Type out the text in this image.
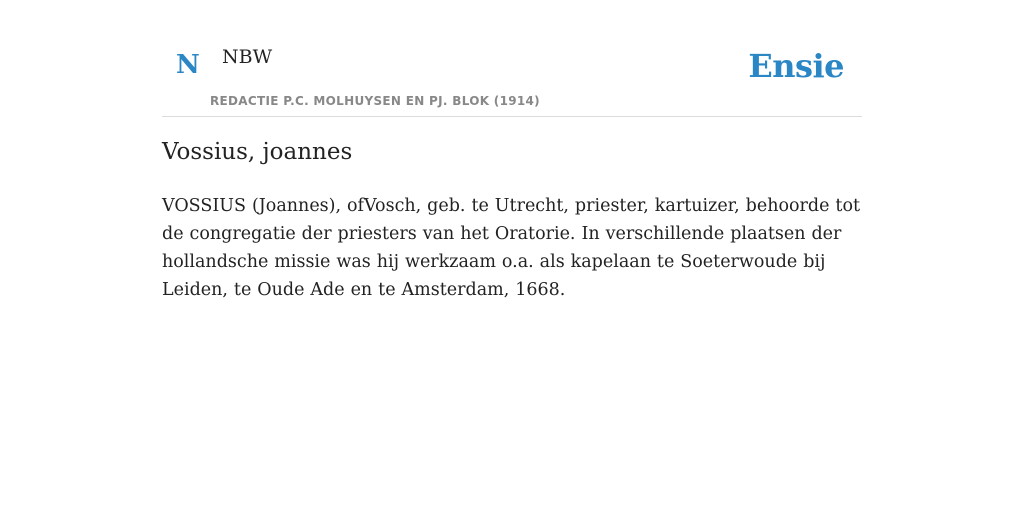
N NBW
REDACTIE P.C. MOLHUYSEN EN PJ. BLOK (1914)
Ensie
Vossius, joannes

VOSSIUS (Joannes), ofVosch, geb. te Utrecht, priester, kartuizer, behoorde tot de congregatie der priesters van het Oratorie. In verschillende plaatsen der hollandsche missie was hij werkzaam o.a. als kapelaan te Soeterwoude bij Leiden, te Oude Ade en te Amsterdam, 1668.
